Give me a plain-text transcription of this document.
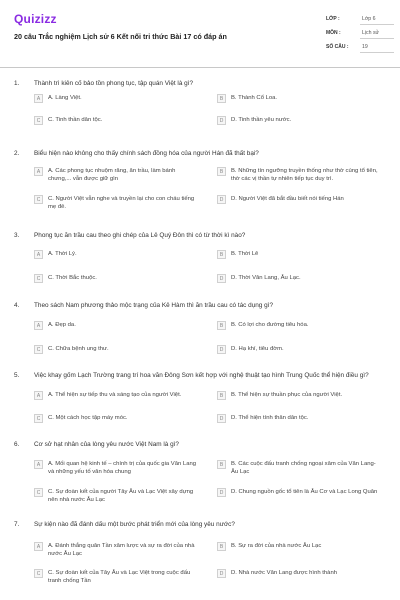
Quizizz
20 câu Trắc nghiệm Lịch sử 6 Kết nối tri thức Bài 17 có đáp án
LỚP :	Lớp 6
MÔN :	Lịch sử
SỐ CÂU :	19
1. Thành trì kiên cố bảo tồn phong tục, tập quán Việt là gì?
A	A. Làng Việt.	B	B. Thành Cổ Loa.
C	C. Tinh thần dân tộc.	D	D. Tinh thần yêu nước.
2. Biểu hiện nào không cho thấy chính sách đồng hóa của người Hán đã thất bại?
A	A. Các phong tục nhuộm răng, ăn trầu, làm bánh chưng,... vẫn được giữ gìn
B	B. Những tín ngưỡng truyền thống như thờ cúng tổ tiên, thờ các vị thần tự nhiên tiếp tục duy trì.
C	C. Người Việt vẫn nghe và truyền lại cho con cháu tiếng mẹ đẻ.
D	D. Người Việt đã bắt đầu biết nói tiếng Hán
3. Phong tục ăn trầu cau theo ghi chép của Lê Quý Đôn thì có từ thời kì nào?
A	A. Thời Lý.	B	B. Thời Lê
C	C. Thời Bắc thuộc.	D	D. Thời Văn Lang, Âu Lạc.
4. Theo sách Nam phương thảo mộc trạng của Kê Hàm thì ăn trầu cau có tác dụng gì?
A	A. Đẹp da.	B	B. Có lợi cho đường tiêu hóa.
C	C. Chữa bệnh ung thư.	D	D. Hạ khí, tiêu đờm.
5. Việc khay gốm Lạch Trường trang trí hoa văn Đông Sơn kết hợp với nghệ thuật tạo hình Trung Quốc thể hiện điều gì?
A	A. Thể hiện sự tiếp thu và sáng tạo của người Việt.	B	B. Thể hiện sự thuần phục của người Việt.
C	C. Một cách học tập máy móc.	D	D. Thể hiện tính thân dân tộc.
6. Cơ sở hạt nhân của lòng yêu nước Việt Nam là gì?
A	A. Mối quan hệ kinh tế – chính trị của quốc gia Văn Lang và những yếu tố văn hóa chung
B	B. Các cuộc đấu tranh chống ngoại xâm của Văn Lang- Âu Lạc
C	C. Sự đoàn kết của người Tây Âu và Lạc Việt xây dựng nên nhà nước Âu Lạc
D	D. Chung nguồn gốc tổ tiên là Âu Cơ và Lạc Long Quân
7. Sự kiện nào đã đánh dấu một bước phát triển mới của lòng yêu nước?
A	A. Đánh thắng quân Tần xâm lược và sự ra đời của nhà nước Âu Lạc
B	B. Sự ra đời của nhà nước Âu Lạc
C	C. Sự đoàn kết của Tây Âu và Lạc Việt trong cuộc đấu tranh chống Tần
D	D. Nhà nước Văn Lang được hình thành
